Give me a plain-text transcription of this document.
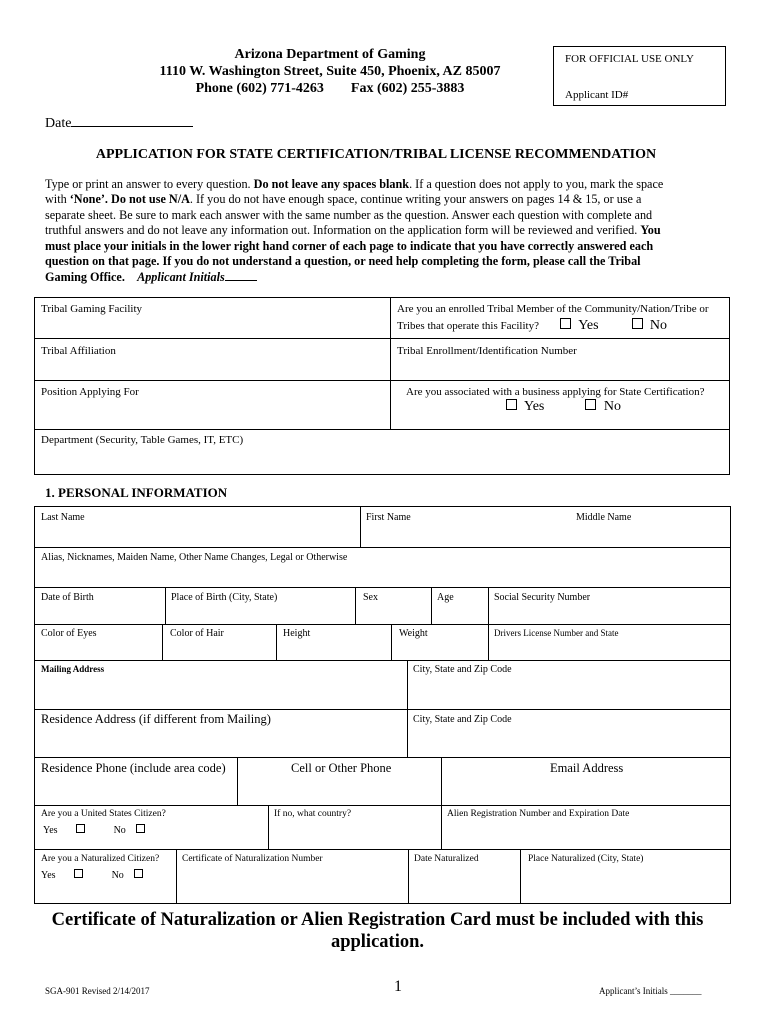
Arizona Department of Gaming
1110 W. Washington Street, Suite 450, Phoenix, AZ 85007
Phone (602) 771-4263 Fax (602) 255-3883
FOR OFFICIAL USE ONLY
Applicant ID#
Date
APPLICATION FOR STATE CERTIFICATION/TRIBAL LICENSE RECOMMENDATION
Type or print an answer to every question. Do not leave any spaces blank. If a question does not apply to you, mark the space
with ‘None’. Do not use N/A. If you do not have enough space, continue writing your answers on pages 14 & 15, or use a
separate sheet. Be sure to mark each answer with the same number as the question. Answer each question with complete and
truthful answers and do not leave any information out. Information on the application form will be reviewed and verified. You
must place your initials in the lower right hand corner of each page to indicate that you have correctly answered each
question on that page. If you do not understand a question, or need help completing the form, please call the Tribal
Gaming Office. Applicant Initials
Tribal Gaming Facility	Are you an enrolled Tribal Member of the Community/Nation/Tribe or
Tribes that operate this Facility?	Yes	No
Tribal Affiliation	Tribal Enrollment/Identification Number
Position Applying For	Are you associated with a business applying for State Certification?
Yes	No
Department (Security, Table Games, IT, ETC)
1. PERSONAL INFORMATION
Last Name	First Name	Middle Name
Alias, Nicknames, Maiden Name, Other Name Changes, Legal or Otherwise
Date of Birth	Place of Birth (City, State)	Sex	Age	Social Security Number
Color of Eyes	Color of Hair	Height	Weight	Drivers License Number and State
Mailing Address	City, State and Zip Code
Residence Address (if different from Mailing)	City, State and Zip Code
Residence Phone (include area code)	Cell or Other Phone	Email Address
Are you a United States Citizen?
Yes	No
If no, what country?	Alien Registration Number and Expiration Date
Are you a Naturalized Citizen?
Yes	No
Certificate of Naturalization Number	Date Naturalized	Place Naturalized (City, State)
Certificate of Naturalization or Alien Registration Card must be included with this
application.
SGA-901 Revised 2/14/2017	1	Applicant’s Initials _______
